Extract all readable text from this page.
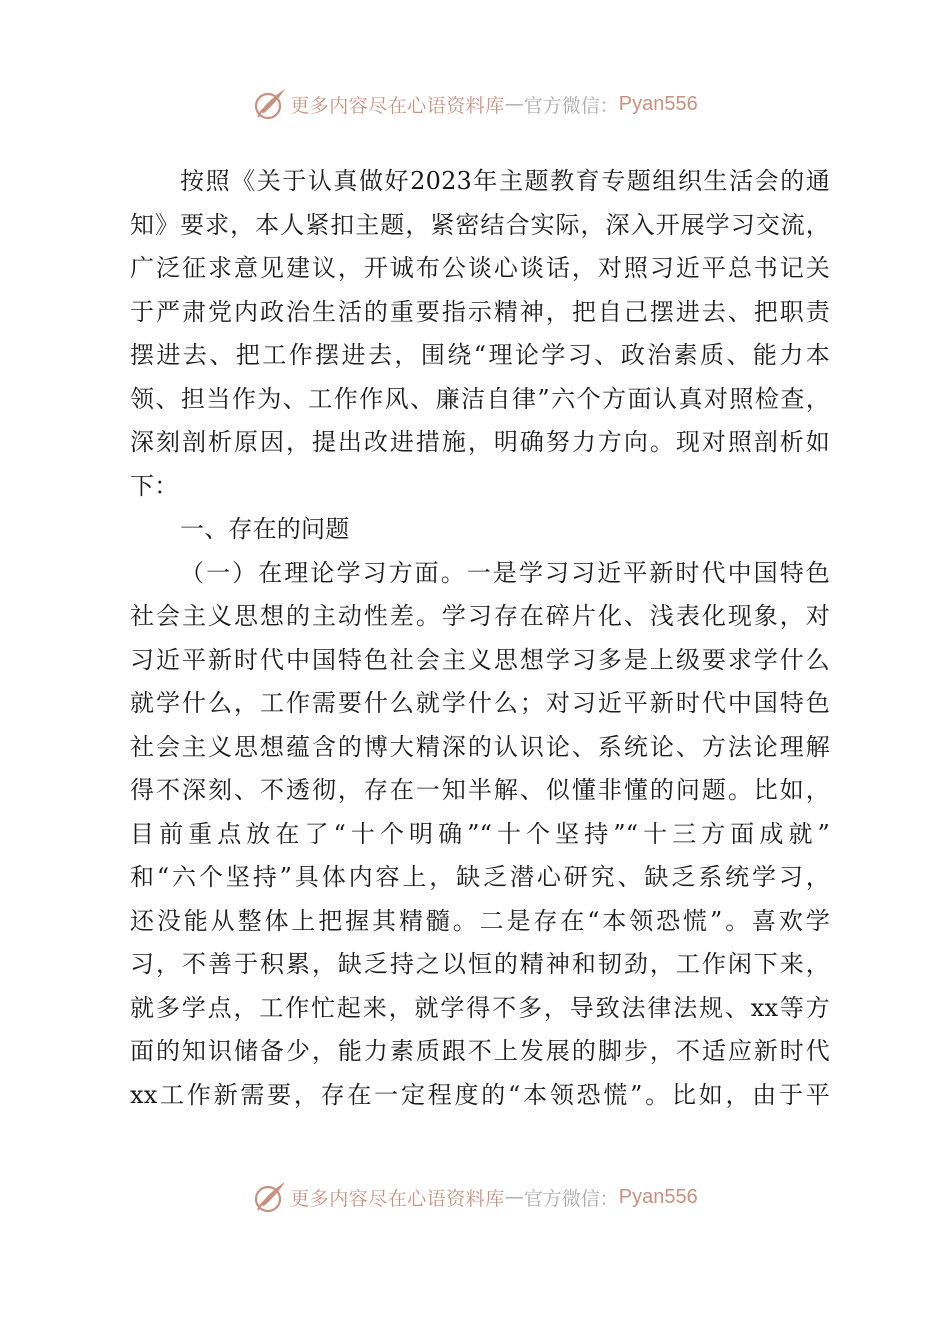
更多内容尽在心语资料库 — 官方微信： Pyan556
按照《关于认真做好2023年主题教育专题组织生活会的通
知》要求，本人紧扣主题，紧密结合实际，深入开展学习交流，
广泛征求意见建议，开诚布公谈心谈话，对照习近平总书记关
于严肃党内政治生活的重要指示精神，把自己摆进去、把职责
摆进去、把工作摆进去，围绕“理论学习、政治素质、能力本
领、担当作为、工作作风、廉洁自律”六个方面认真对照检查，
深刻剖析原因，提出改进措施，明确努力方向。现对照剖析如
下：
一、存在的问题
（一）在理论学习方面。一是学习习近平新时代中国特色
社会主义思想的主动性差。学习存在碎片化、浅表化现象，对
习近平新时代中国特色社会主义思想学习多是上级要求学什么
就学什么，工作需要什么就学什么；对习近平新时代中国特色
社会主义思想蕴含的博大精深的认识论、系统论、方法论理解
得不深刻、不透彻，存在一知半解、似懂非懂的问题。比如，
目前重点放在了“十个明确”“十个坚持”“十三方面成就”
和“六个坚持”具体内容上，缺乏潜心研究、缺乏系统学习，
还没能从整体上把握其精髓。二是存在“本领恐慌”。喜欢学
习，不善于积累，缺乏持之以恒的精神和韧劲，工作闲下来，
就多学点，工作忙起来，就学得不多，导致法律法规、xx等方
面的知识储备少，能力素质跟不上发展的脚步，不适应新时代
xx工作新需要，存在一定程度的“本领恐慌”。比如，由于平
更多内容尽在心语资料库 — 官方微信： Pyan556
